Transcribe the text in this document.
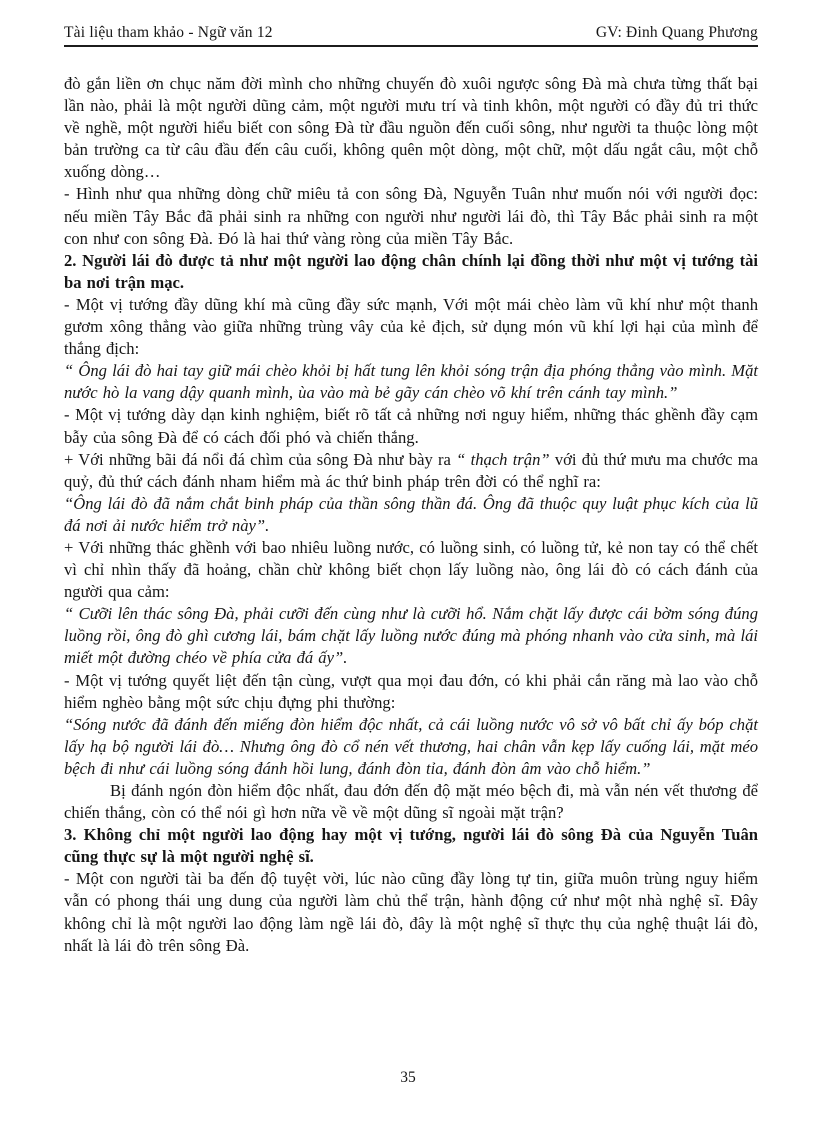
Tài liệu tham khảo - Ngữ văn 12	GV: Đinh Quang Phương

đò gắn liền ơn chục năm đời mình cho những chuyến đò xuôi ngược sông Đà mà chưa từng thất bại lần nào, phải là một người dũng cảm, một người mưu trí và tinh khôn, một người có đầy đủ tri thức về nghề, một người hiểu biết con sông Đà từ đầu nguồn đến cuối sông, như người ta thuộc lòng một bản trường ca từ câu đầu đến câu cuối, không quên một dòng, một chữ, một dấu ngắt câu, một chỗ xuống dòng…

- Hình như qua những dòng chữ miêu tả con sông Đà, Nguyễn Tuân như muốn nói với người đọc: nếu miền Tây Bắc đã phải sinh ra những con người như người lái đò, thì Tây Bắc phải sinh ra một con như con sông Đà. Đó là hai thứ vàng ròng của miền Tây Bắc.

2. Người lái đò được tả như một người lao động chân chính lại đồng thời như một vị tướng tài ba nơi trận mạc.

- Một vị tướng đầy dũng khí mà cũng đầy sức mạnh, Với một mái chèo làm vũ khí như một thanh gươm xông thẳng vào giữa những trùng vây của kẻ địch, sử dụng món vũ khí lợi hại của mình để thắng địch:

“ Ông lái đò hai tay giữ mái chèo khỏi bị hất tung lên khỏi sóng trận địa phóng thẳng vào mình. Mặt nước hò la vang dậy quanh mình, ùa vào mà bẻ gãy cán chèo võ khí trên cánh tay mình.”

- Một vị tướng dày dạn kinh nghiệm, biết rõ tất cả những nơi nguy hiểm, những thác ghềnh đầy cạm bẫy của sông Đà để có cách đối phó và chiến thắng.

+ Với những bãi đá nổi đá chìm của sông Đà như bày ra “ thạch trận” với đủ thứ mưu ma chước ma quỷ, đủ thứ cách đánh nham hiểm mà ác thứ binh pháp trên đời có thể nghĩ ra:

“Ông lái đò đã nắm chắt binh pháp của thần sông thần đá. Ông đã thuộc quy luật phục kích của lũ đá nơi ải nước hiểm trở này”.

+ Với những thác ghềnh với bao nhiêu luồng nước, có luồng sinh, có luồng tử, kẻ non tay có thể chết vì chỉ nhìn thấy đã hoảng, chần chừ không biết chọn lấy luồng nào, ông lái đò có cách đánh của người qua cảm:

“ Cưỡi lên thác sông Đà, phải cưỡi đến cùng như là cưỡi hổ. Nắm chặt lấy được cái bờm sóng đúng luồng rồi, ông đò ghì cương lái, bám chặt lấy luồng nước đúng mà phóng nhanh vào cửa sinh, mà lái miết một đường chéo về phía cửa đá ấy”.

- Một vị tướng quyết liệt đến tận cùng, vượt qua mọi đau đớn, có khi phải cắn răng mà lao vào chỗ hiểm nghèo bằng một sức chịu đựng phi thường:

“Sóng nước đã đánh đến miếng đòn hiểm độc nhất, cả cái luồng nước vô sở vô bất chỉ ấy bóp chặt lấy hạ bộ người lái đò… Nhưng ông đò cổ nén vết thương, hai chân vẫn kẹp lấy cuống lái, mặt méo bệch đi như cái luồng sóng đánh hồi lung, đánh đòn tỉa, đánh đòn âm vào chỗ hiểm.”

Bị đánh ngón đòn hiểm độc nhất, đau đớn đến độ mặt méo bệch đi, mà vẫn nén vết thương để chiến thắng, còn có thể nói gì hơn nữa về về một dũng sĩ ngoài mặt trận?

3. Không chỉ một người lao động hay một vị tướng, người lái đò sông Đà của Nguyễn Tuân cũng thực sự là một người nghệ sĩ.

- Một con người tài ba đến độ tuyệt vời, lúc nào cũng đầy lòng tự tin, giữa muôn trùng nguy hiểm vẫn có phong thái ung dung của người làm chủ thể trận, hành động cứ như một nhà nghệ sĩ. Đây không chỉ là một người lao động làm ngề lái đò, đây là một nghệ sĩ thực thụ của nghệ thuật lái đò, nhất là lái đò trên sông Đà.

35
